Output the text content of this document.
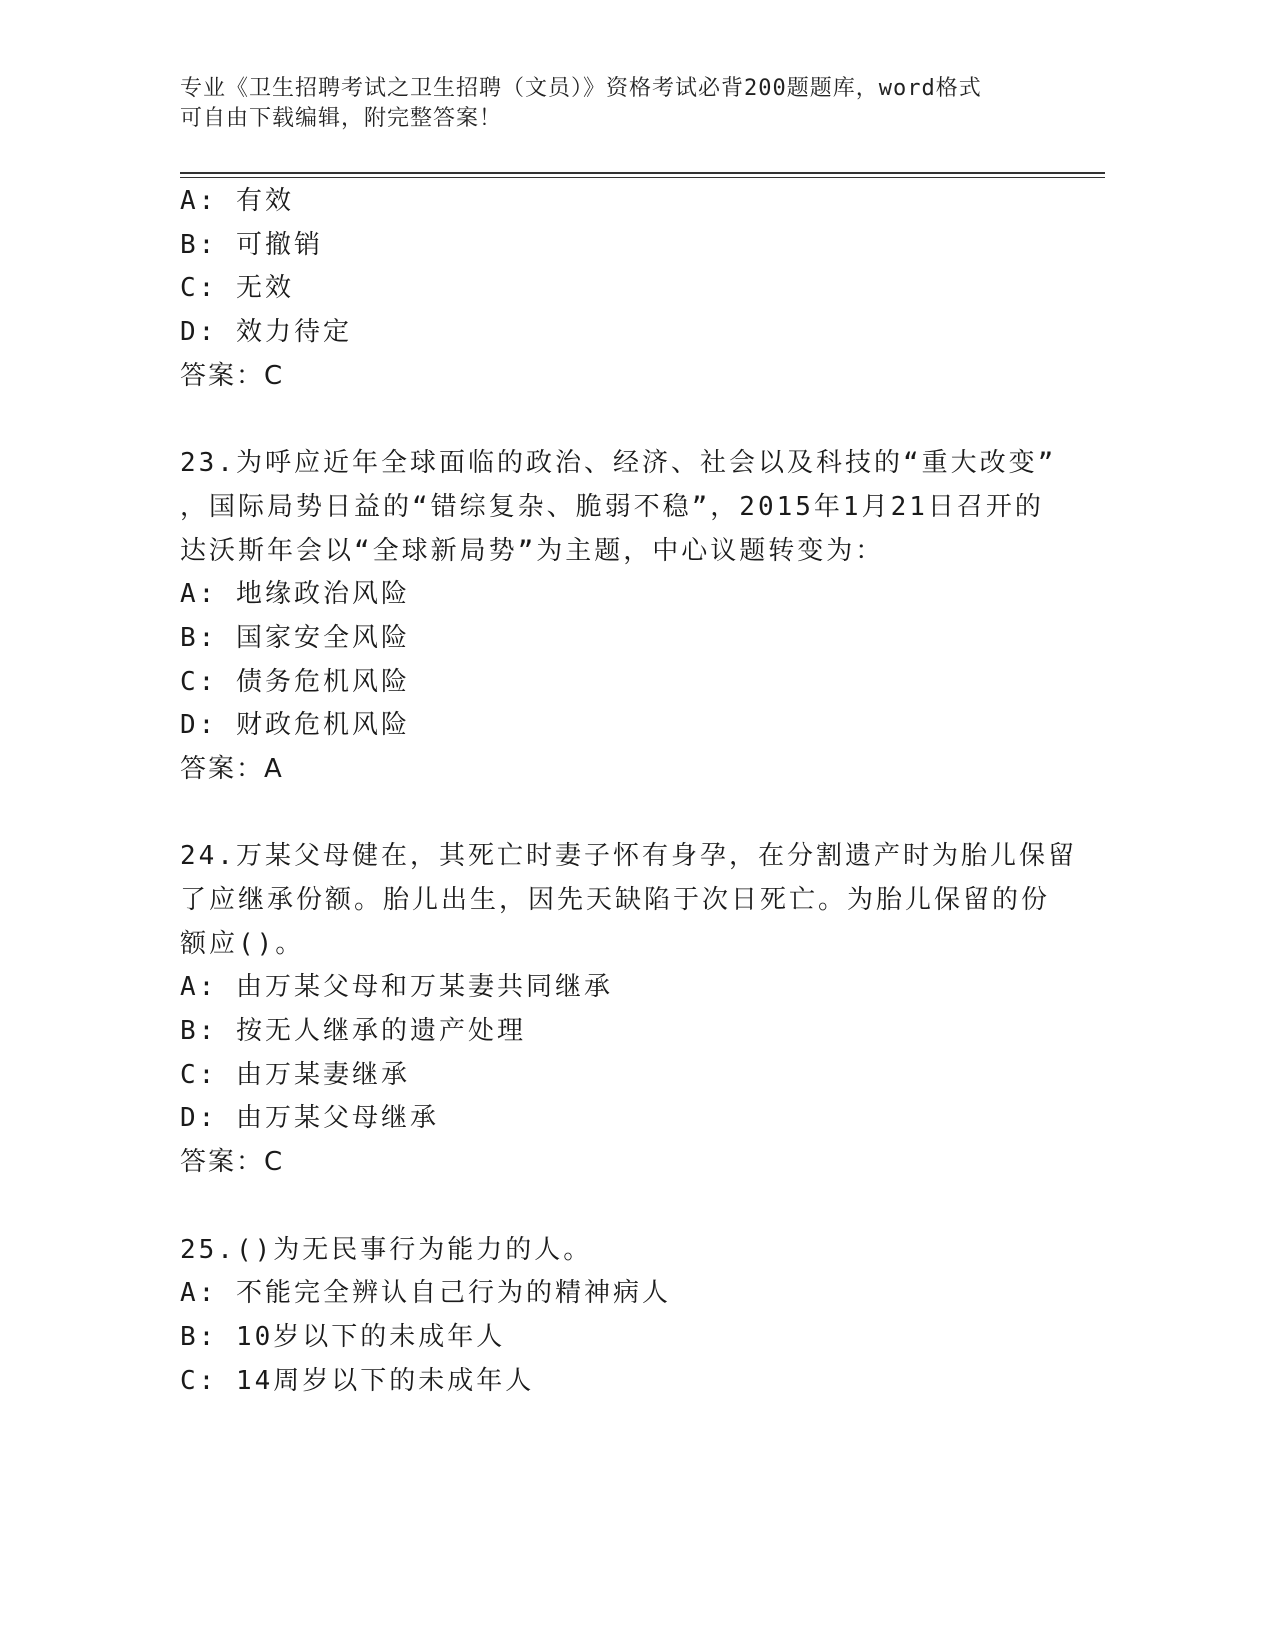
专业《卫生招聘考试之卫生招聘（文员）》资格考试必背200题题库，word格式
可自由下载编辑，附完整答案！
A: 有效
B: 可撤销
C: 无效
D: 效力待定
答案：C
23.为呼应近年全球面临的政治、经济、社会以及科技的“重大改变”
，国际局势日益的“错综复杂、脆弱不稳”，2015年1月21日召开的
达沃斯年会以“全球新局势”为主题，中心议题转变为：
A: 地缘政治风险
B: 国家安全风险
C: 债务危机风险
D: 财政危机风险
答案：A
24.万某父母健在，其死亡时妻子怀有身孕，在分割遗产时为胎儿保留
了应继承份额。胎儿出生，因先天缺陷于次日死亡。为胎儿保留的份
额应()。
A: 由万某父母和万某妻共同继承
B: 按无人继承的遗产处理
C: 由万某妻继承
D: 由万某父母继承
答案：C
25.()为无民事行为能力的人。
A: 不能完全辨认自己行为的精神病人
B: 10岁以下的未成年人
C: 14周岁以下的未成年人
